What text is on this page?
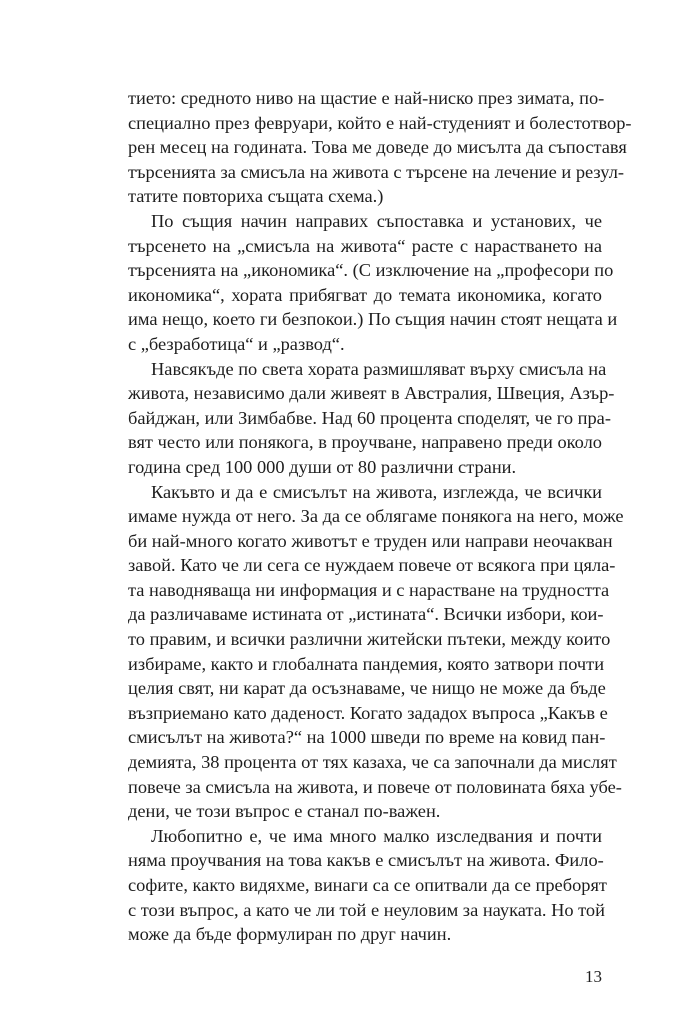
тието: средното ниво на щастие е най-ниско през зимата, по-
специално през февруари, който е най-студеният и болестотвор-
рен месец на годината. Това ме доведе до мисълта да съпоставя
търсенията за смисъла на живота с търсене на лечение и резул-
татите повториха същата схема.)
По същия начин направих съпоставка и установих, че
търсенето на „смисъла на живота“ расте с нарастването на
търсенията на „икономика“. (С изключение на „професори по
икономика“, хората прибягват до темата икономика, когато
има нещо, което ги безпокои.) По същия начин стоят нещата и
с „безработица“ и „развод“.
Навсякъде по света хората размишляват върху смисъла на
живота, независимо дали живеят в Австралия, Швеция, Азър-
байджан, или Зимбабве. Над 60 процента споделят, че го пра-
вят често или понякога, в проучване, направено преди около
година сред 100 000 души от 80 различни страни.
Какъвто и да е смисълът на живота, изглежда, че всички
имаме нужда от него. За да се облягаме понякога на него, може
би най-много когато животът е труден или направи неочакван
завой. Като че ли сега се нуждаем повече от всякога при цяла-
та наводняваща ни информация и с нарастване на трудността
да различаваме истината от „истината“. Всички избори, кои-
то правим, и всички различни житейски пътеки, между които
избираме, както и глобалната пандемия, която затвори почти
целия свят, ни карат да осъзнаваме, че нищо не може да бъде
възприемано като даденост. Когато зададох въпроса „Какъв е
смисълът на живота?“ на 1000 шведи по време на ковид пан-
демията, 38 процента от тях казаха, че са започнали да мислят
повече за смисъла на живота, и повече от половината бяха убе-
дени, че този въпрос е станал по-важен.
Любопитно е, че има много малко изследвания и почти
няма проучвания на това какъв е смисълът на живота. Фило-
софите, както видяхме, винаги са се опитвали да се преборят
с този въпрос, а като че ли той е неуловим за науката. Но той
може да бъде формулиран по друг начин.
13
